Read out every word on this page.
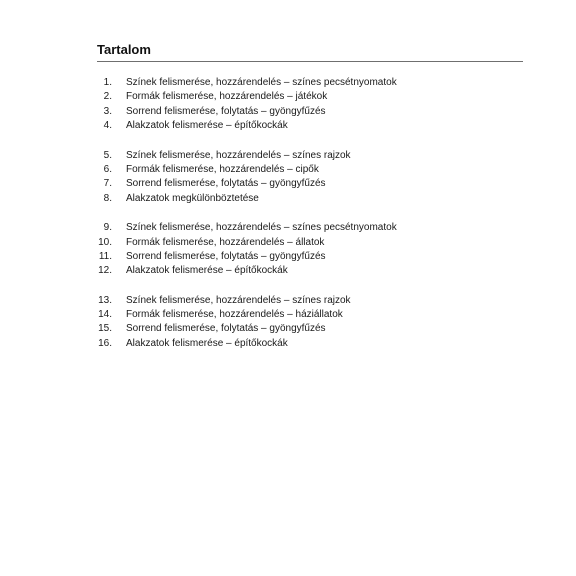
Tartalom
1. Színek felismerése, hozzárendelés – színes pecsétnyomatok
2. Formák felismerése, hozzárendelés – játékok
3. Sorrend felismerése, folytatás – gyöngyfűzés
4. Alakzatok felismerése – építőkockák
5. Színek felismerése, hozzárendelés – színes rajzok
6. Formák felismerése, hozzárendelés – cipők
7. Sorrend felismerése, folytatás – gyöngyfűzés
8. Alakzatok megkülönböztetése
9. Színek felismerése, hozzárendelés – színes pecsétnyomatok
10. Formák felismerése, hozzárendelés – állatok
11. Sorrend felismerése, folytatás – gyöngyfűzés
12. Alakzatok felismerése – építőkockák
13. Színek felismerése, hozzárendelés – színes rajzok
14. Formák felismerése, hozzárendelés – háziállatok
15. Sorrend felismerése, folytatás – gyöngyfűzés
16. Alakzatok felismerése – építőkockák
